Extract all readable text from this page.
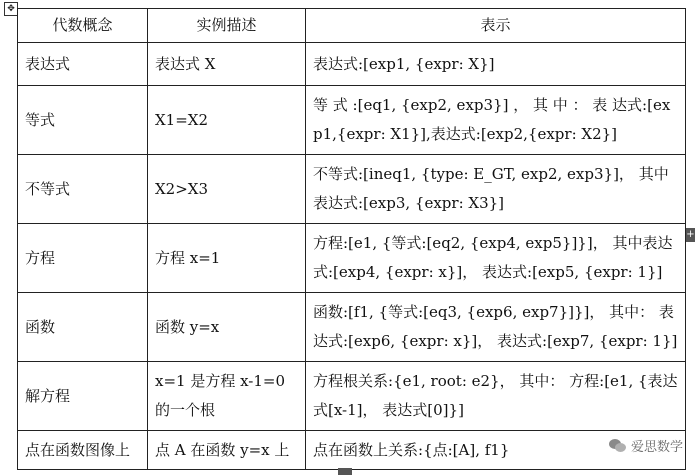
✥
代数概念	实例描述	表示
表达式	表达式 X	表达式:[exp1, {expr: X}]
等式	X1=X2	等 式 :[eq1, {exp2, exp3}] ， 其 中 ： 表 达式:[exp1,{expr: X1}],表达式:[exp2,{expr: X2}]
不等式	X2>X3	不等式:[ineq1, {type: E_GT, exp2, exp3}]， 其中表达式:[exp3, {expr: X3}]
方程	方程 x=1	方程:[e1, {等式:[eq2, {exp4, exp5}]}]， 其中表达式:[exp4, {expr: x}]， 表达式:[exp5, {expr: 1}]
函数	函数 y=x	函数:[f1, {等式:[eq3, {exp6, exp7}]}]， 其中： 表达式:[exp6, {expr: x}]， 表达式:[exp7, {expr: 1}]
解方程	x=1 是方程 x-1=0 的一个根	方程根关系:{e1, root: e2}， 其中： 方程:[e1, {表达式[x-1]， 表达式[0]}]
点在函数图像上	点 A 在函数 y=x 上	点在函数上关系:{点:[A], f1}
+
爱思数学
